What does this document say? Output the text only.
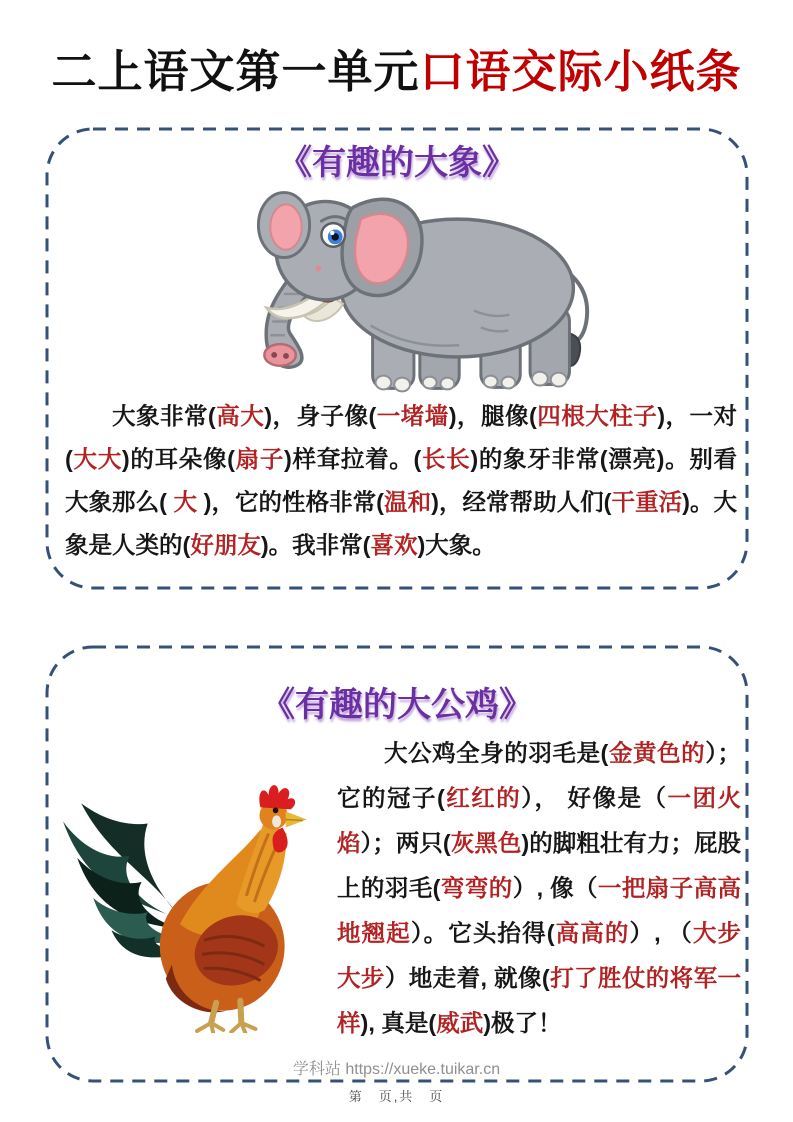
二上语文第一单元口语交际小纸条
《有趣的大象》

大象非常(高大)，身子像(一堵墙)，腿像(四根大柱子)，一对(大大)的耳朵像(扇子)样耷拉着。(长长)的象牙非常(漂亮)。别看大象那么( 大 )，它的性格非常(温和)，经常帮助人们(干重活)。大象是人类的(好朋友)。我非常(喜欢)大象。

《有趣的大公鸡》

大公鸡全身的羽毛是(金黄色的）；它的冠子(红红的）， 好像是（一团火焰）；两只(灰黑色)的脚粗壮有力；屁股上的羽毛(弯弯的）, 像（一把扇子高高地翘起）。它头抬得(高高的）, （大步大步）地走着, 就像(打了胜仗的将军一样), 真是(威武)极了！

学科站 https://xueke.tuikar.cn
第　页,共　页
